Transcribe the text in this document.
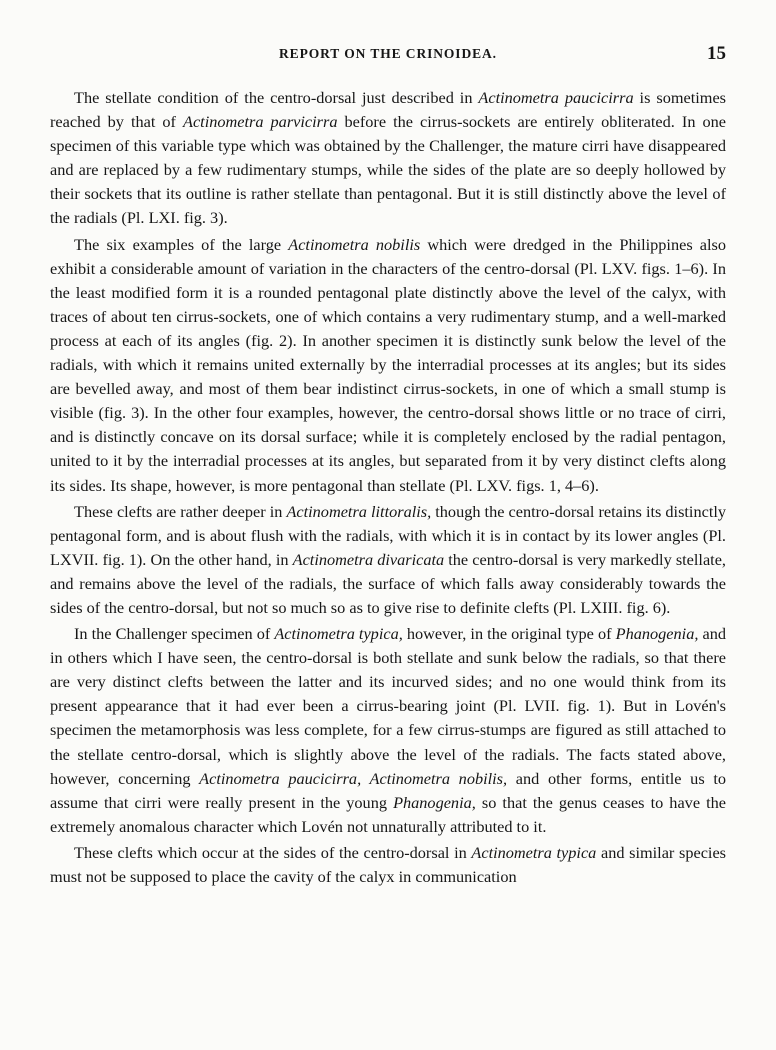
REPORT ON THE CRINOIDEA.	15

The stellate condition of the centro-dorsal just described in Actinometra paucicirra is sometimes reached by that of Actinometra parvicirra before the cirrus-sockets are entirely obliterated. In one specimen of this variable type which was obtained by the Challenger, the mature cirri have disappeared and are replaced by a few rudimentary stumps, while the sides of the plate are so deeply hollowed by their sockets that its outline is rather stellate than pentagonal. But it is still distinctly above the level of the radials (Pl. LXI. fig. 3).

The six examples of the large Actinometra nobilis which were dredged in the Philippines also exhibit a considerable amount of variation in the characters of the centro-dorsal (Pl. LXV. figs. 1–6). In the least modified form it is a rounded pentagonal plate distinctly above the level of the calyx, with traces of about ten cirrus-sockets, one of which contains a very rudimentary stump, and a well-marked process at each of its angles (fig. 2). In another specimen it is distinctly sunk below the level of the radials, with which it remains united externally by the interradial processes at its angles; but its sides are bevelled away, and most of them bear indistinct cirrus-sockets, in one of which a small stump is visible (fig. 3). In the other four examples, however, the centro-dorsal shows little or no trace of cirri, and is distinctly concave on its dorsal surface; while it is completely enclosed by the radial pentagon, united to it by the interradial processes at its angles, but separated from it by very distinct clefts along its sides. Its shape, however, is more pentagonal than stellate (Pl. LXV. figs. 1, 4–6).

These clefts are rather deeper in Actinometra littoralis, though the centro-dorsal retains its distinctly pentagonal form, and is about flush with the radials, with which it is in contact by its lower angles (Pl. LXVII. fig. 1). On the other hand, in Actinometra divaricata the centro-dorsal is very markedly stellate, and remains above the level of the radials, the surface of which falls away considerably towards the sides of the centro-dorsal, but not so much so as to give rise to definite clefts (Pl. LXIII. fig. 6).

In the Challenger specimen of Actinometra typica, however, in the original type of Phanogenia, and in others which I have seen, the centro-dorsal is both stellate and sunk below the radials, so that there are very distinct clefts between the latter and its incurved sides; and no one would think from its present appearance that it had ever been a cirrus-bearing joint (Pl. LVII. fig. 1). But in Lovén's specimen the metamorphosis was less complete, for a few cirrus-stumps are figured as still attached to the stellate centro-dorsal, which is slightly above the level of the radials. The facts stated above, however, concerning Actinometra paucicirra, Actinometra nobilis, and other forms, entitle us to assume that cirri were really present in the young Phanogenia, so that the genus ceases to have the extremely anomalous character which Lovén not unnaturally attributed to it.

These clefts which occur at the sides of the centro-dorsal in Actinometra typica and similar species must not be supposed to place the cavity of the calyx in communication
